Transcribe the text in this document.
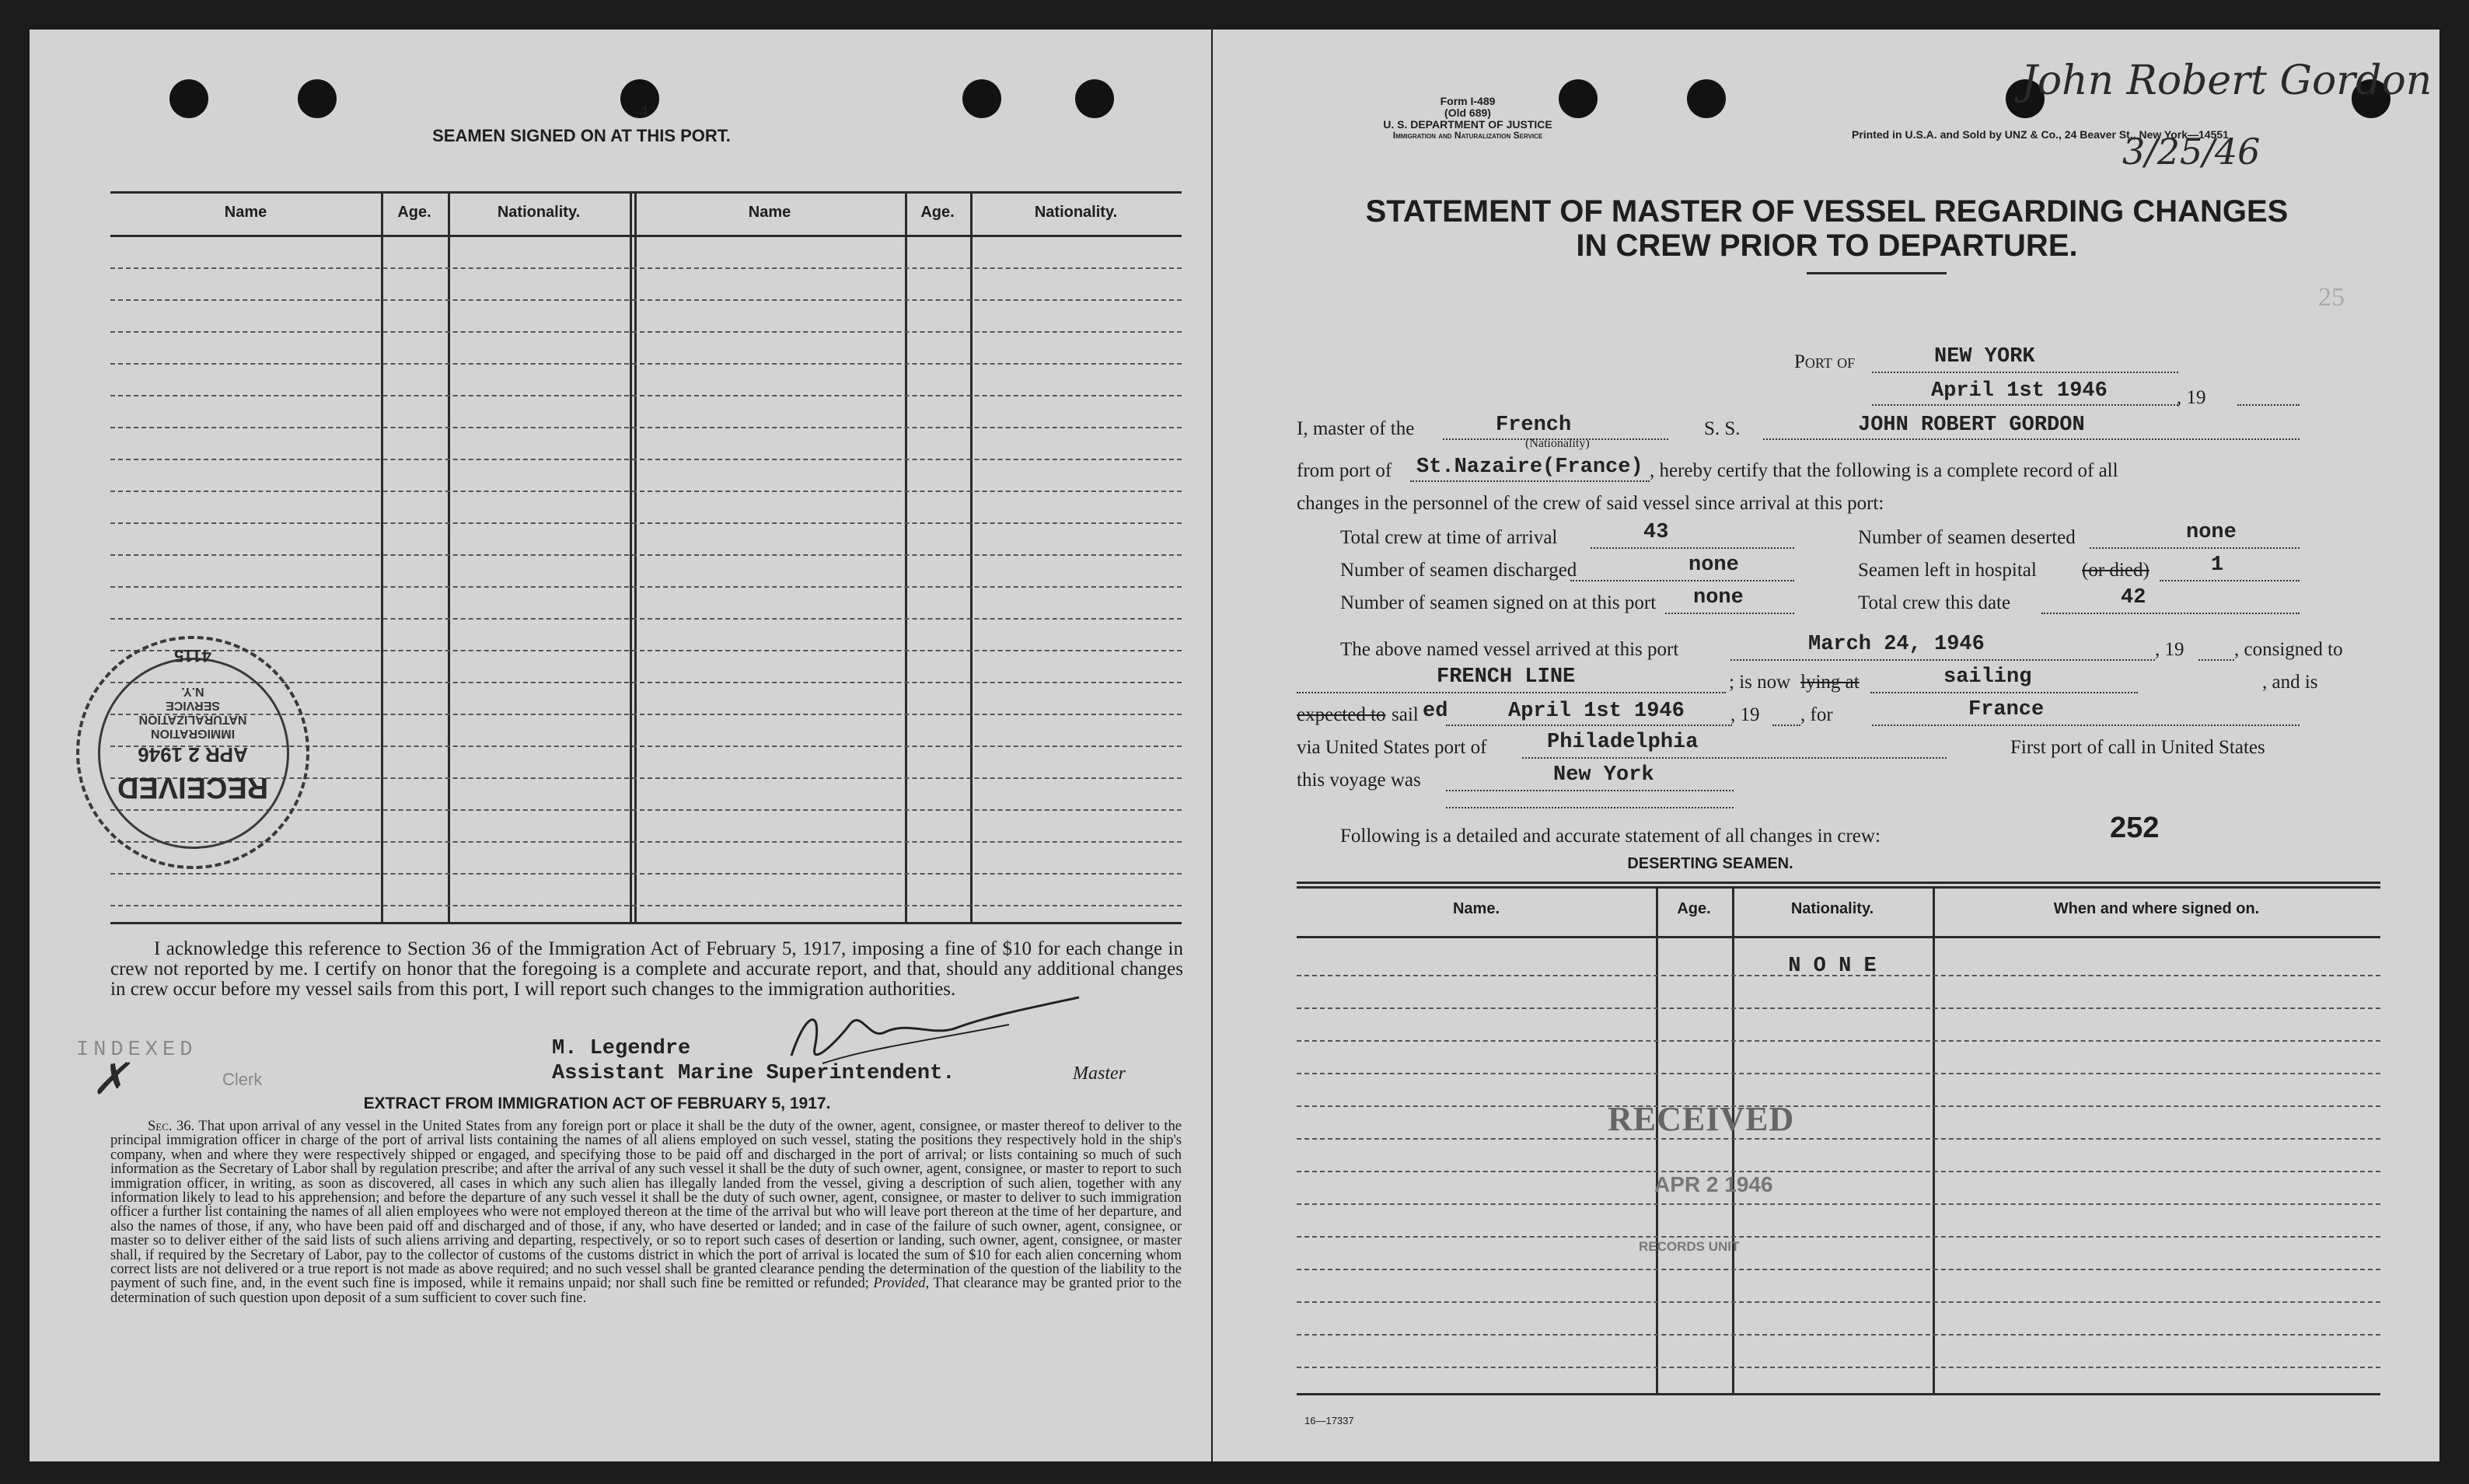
4
SEAMEN SIGNED ON AT THIS PORT.
Name	Age.	Nationality.	Name	Age.	Nationality.
RECEIVED
APR 2 1946
IMMIGRATION
NATURALIZATION
SERVICE
N.Y.
4115
I acknowledge this reference to Section 36 of the Immigration Act of February 5, 1917, imposing a fine of $10 for each change in crew not reported by me. I certify on honor that the foregoing is a complete and accurate report, and that, should any additional changes in crew occur before my vessel sails from this port, I will report such changes to the immigration authorities.
INDEXED
✗	Clerk
M. Legendre
Assistant Marine Superintendent.	Master
EXTRACT FROM IMMIGRATION ACT OF FEBRUARY 5, 1917.
Sec. 36. That upon arrival of any vessel in the United States from any foreign port or place it shall be the duty of the owner, agent, consignee, or master thereof to deliver to the principal immigration officer in charge of the port of arrival lists containing the names of all aliens employed on such vessel, stating the positions they respectively hold in the ship's company, when and where they were respectively shipped or engaged, and specifying those to be paid off and discharged in the port of arrival; or lists containing so much of such information as the Secretary of Labor shall by regulation prescribe; and after the arrival of any such vessel it shall be the duty of such owner, agent, consignee, or master to report to such immigration officer, in writing, as soon as discovered, all cases in which any such alien has illegally landed from the vessel, giving a description of such alien, together with any information likely to lead to his apprehension; and before the departure of any such vessel it shall be the duty of such owner, agent, consignee, or master to deliver to such immigration officer a further list containing the names of all alien employees who were not employed thereon at the time of the arrival but who will leave port thereon at the time of her departure, and also the names of those, if any, who have been paid off and discharged and of those, if any, who have deserted or landed; and in case of the failure of such owner, agent, consignee, or master so to deliver either of the said lists of such aliens arriving and departing, respectively, or so to report such cases of desertion or landing, such owner, agent, consignee, or master shall, if required by the Secretary of Labor, pay to the collector of customs of the customs district in which the port of arrival is located the sum of $10 for each alien concerning whom correct lists are not delivered or a true report is not made as above required; and no such vessel shall be granted clearance pending the determination of the question of the liability to the payment of such fine, and, in the event such fine is imposed, while it remains unpaid; nor shall such fine be remitted or refunded; Provided, That clearance may be granted prior to the determination of such question upon deposit of a sum sufficient to cover such fine.
Form I-489
(Old 689)
U. S. DEPARTMENT OF JUSTICE
Immigration and Naturalization Service	Printed in U.S.A. and Sold by UNZ & Co., 24 Beaver St., New York—14551
John Robert Gordon
3/25/46
STATEMENT OF MASTER OF VESSEL REGARDING CHANGES
IN CREW PRIOR TO DEPARTURE.
25
Port of	NEW YORK
April 1st 1946	, 19
I, master of the	French
(Nationality)
S. S.	JOHN ROBERT GORDON
from port of St.Nazaire(France) , hereby certify that the following is a complete record of all
changes in the personnel of the crew of said vessel since arrival at this port:
Total crew at time of arrival	43	Number of seamen deserted	none
Number of seamen discharged	none	Seamen left in hospital (or died)	1
Number of seamen signed on at this port none	Total crew this date	42
The above named vessel arrived at this port	March 24, 1946	, 19	, consigned to
FRENCH LINE	; is now lying at	sailing	, and is
expected to sail ed	April 1st 1946 , 19 , for	France
via United States port of	Philadelphia	First port of call in United States
this voyage was	New York
Following is a detailed and accurate statement of all changes in crew:	252
DESERTING SEAMEN.
Name.	Age.	Nationality.	When and where signed on.
N O N E
RECEIVED
APR 2 1946
RECORDS UNIT
16—17337
